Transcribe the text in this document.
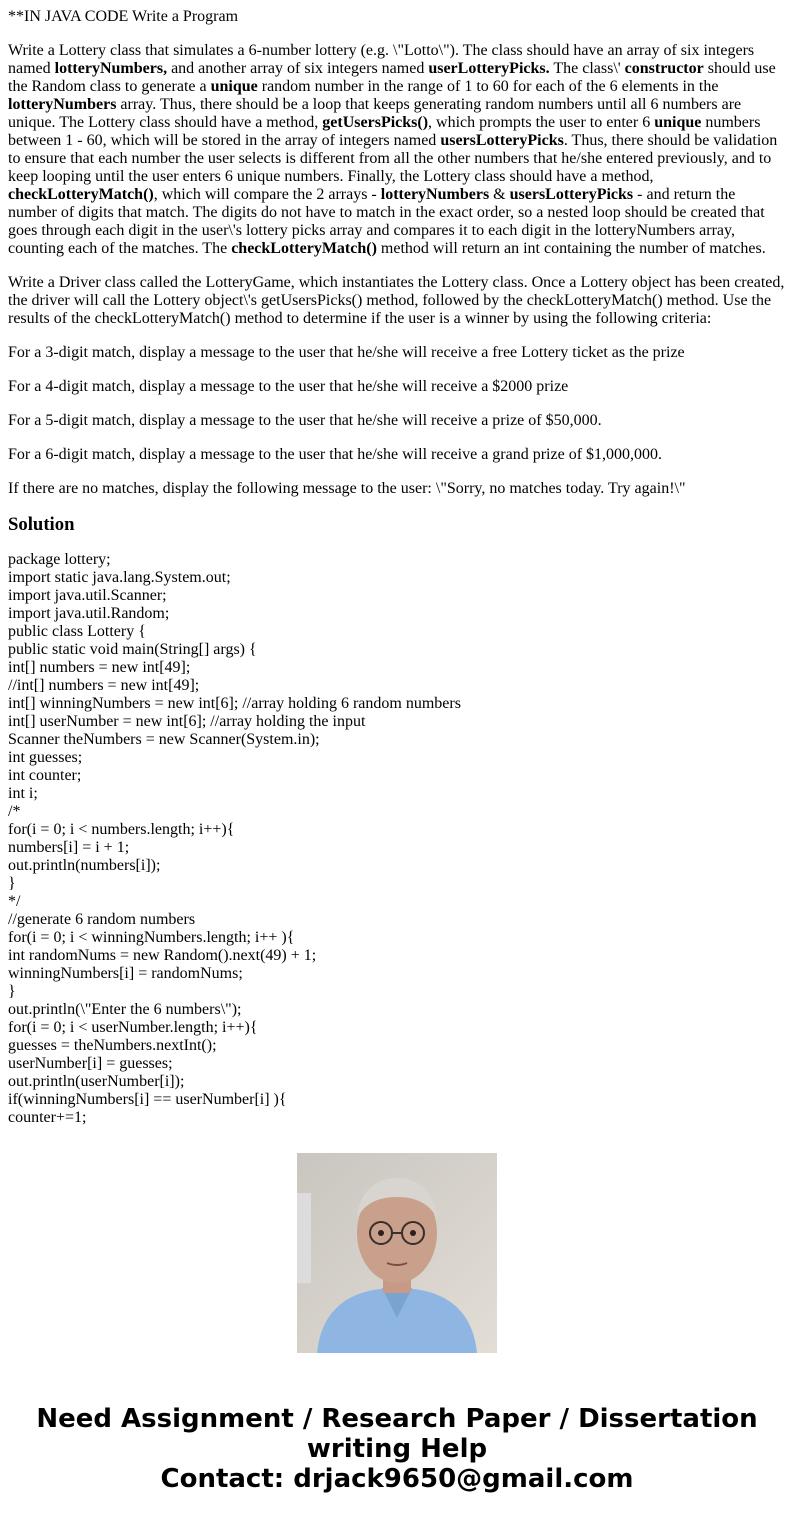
**IN JAVA CODE Write a Program

Write a Lottery class that simulates a 6-number lottery (e.g. \"Lotto\"). The class should have an array of six integers named lotteryNumbers, and another array of six integers named userLotteryPicks. The class\' constructor should use the Random class to generate a unique random number in the range of 1 to 60 for each of the 6 elements in the lotteryNumbers array. Thus, there should be a loop that keeps generating random numbers until all 6 numbers are unique. The Lottery class should have a method, getUsersPicks(), which prompts the user to enter 6 unique numbers between 1 - 60, which will be stored in the array of integers named usersLotteryPicks. Thus, there should be validation to ensure that each number the user selects is different from all the other numbers that he/she entered previously, and to keep looping until the user enters 6 unique numbers. Finally, the Lottery class should have a method, checkLotteryMatch(), which will compare the 2 arrays - lotteryNumbers & usersLotteryPicks - and return the number of digits that match. The digits do not have to match in the exact order, so a nested loop should be created that goes through each digit in the user\'s lottery picks array and compares it to each digit in the lotteryNumbers array, counting each of the matches. The checkLotteryMatch() method will return an int containing the number of matches.

Write a Driver class called the LotteryGame, which instantiates the Lottery class. Once a Lottery object has been created, the driver will call the Lottery object\'s getUsersPicks() method, followed by the checkLotteryMatch() method. Use the results of the checkLotteryMatch() method to determine if the user is a winner by using the following criteria:

For a 3-digit match, display a message to the user that he/she will receive a free Lottery ticket as the prize

For a 4-digit match, display a message to the user that he/she will receive a $2000 prize

For a 5-digit match, display a message to the user that he/she will receive a prize of $50,000.

For a 6-digit match, display a message to the user that he/she will receive a grand prize of $1,000,000.

If there are no matches, display the following message to the user: \"Sorry, no matches today. Try again!\"

Solution
package lottery;
import static java.lang.System.out;
import java.util.Scanner;
import java.util.Random;
public class Lottery {
public static void main(String[] args) {
int[] numbers = new int[49];
//int[] numbers = new int[49];
int[] winningNumbers = new int[6]; //array holding 6 random numbers
int[] userNumber = new int[6]; //array holding the input
Scanner theNumbers = new Scanner(System.in);
int guesses;
int counter;
int i;
/*
for(i = 0; i < numbers.length; i++){
numbers[i] = i + 1;
out.println(numbers[i]);
}
*/
//generate 6 random numbers
for(i = 0; i < winningNumbers.length; i++ ){
int randomNums = new Random().next(49) + 1;
winningNumbers[i] = randomNums;
}
out.println(\"Enter the 6 numbers\");
for(i = 0; i < userNumber.length; i++){
guesses = theNumbers.nextInt();
userNumber[i] = guesses;
out.println(userNumber[i]);
if(winningNumbers[i] == userNumber[i] ){
counter+=1;
Need Assignment / Research Paper / Dissertation
writing Help
Contact: drjack9650@gmail.com
